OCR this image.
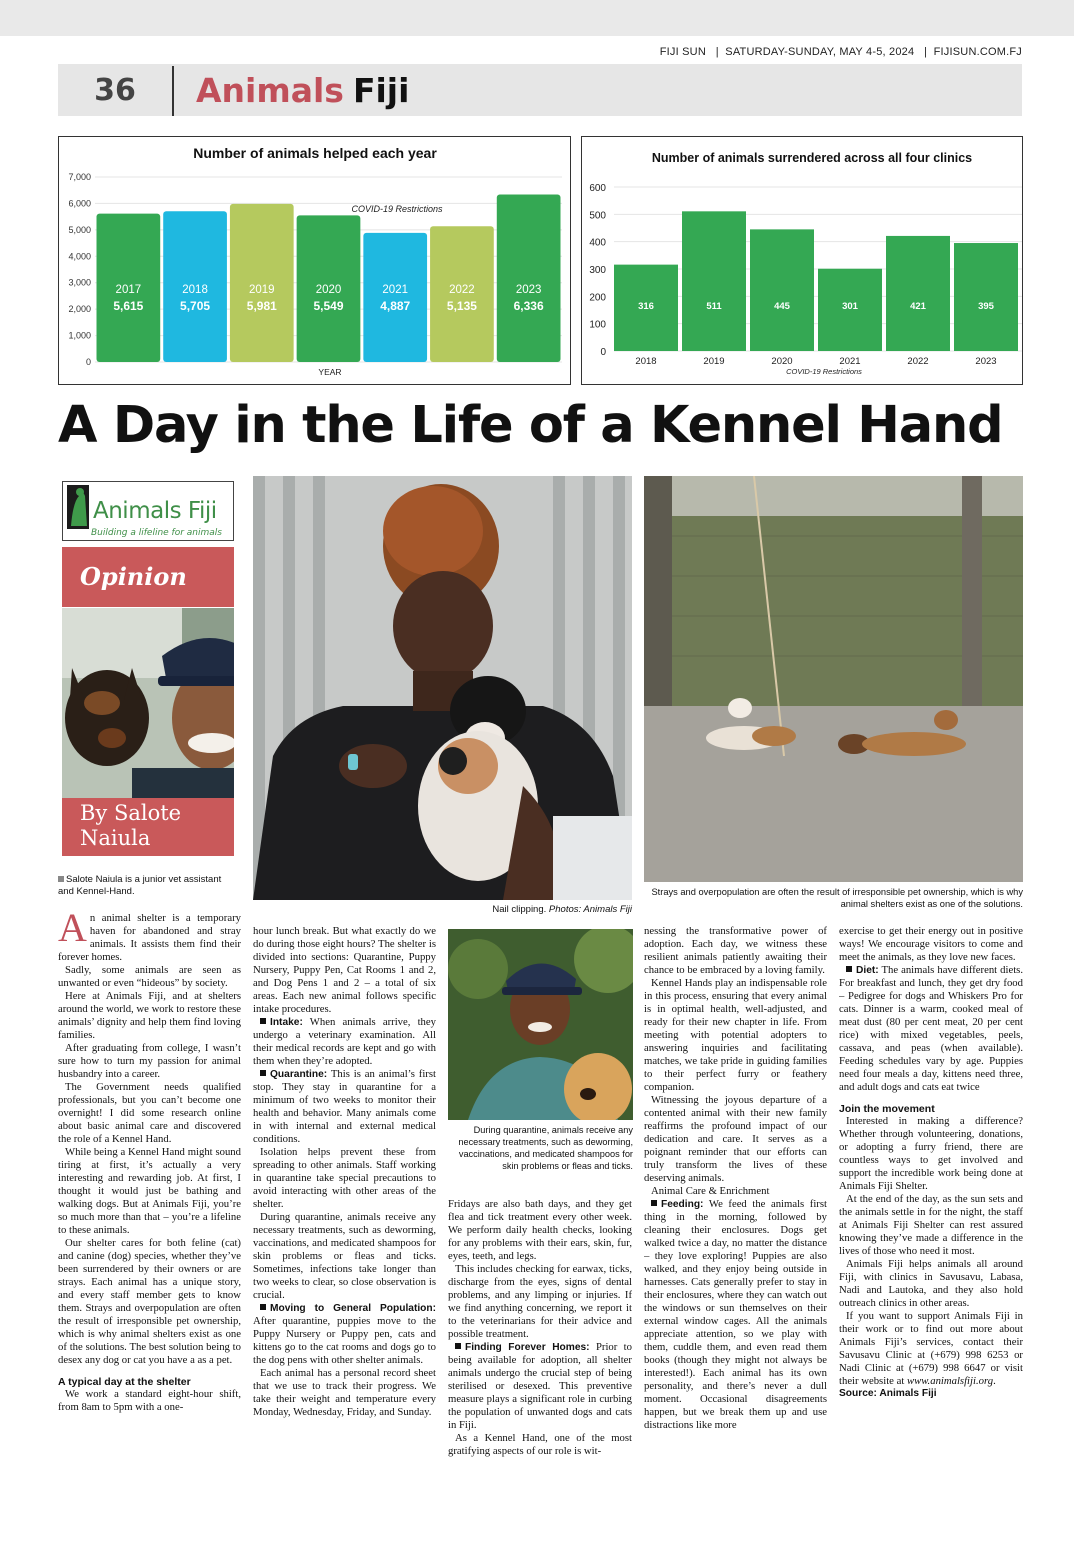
FIJI SUN   |  SATURDAY-SUNDAY, MAY 4-5, 2024   |  FIJISUN.COM.FJ
36	Animals Fiji
Number of animals helped each year
0
1,000
2,000
3,000
4,000
5,000
6,000
7,000
2017
5,615
2018
5,705
2019
5,981
2020
5,549
2021
4,887
2022
5,135
2023
6,336
COVID-19 Restrictions
YEAR
Number of animals surrendered across all four clinics
0
100
200
300
400
500
600
316
2018
511
2019
445
2020
301
2021
421
2022
395
2023
COVID-19 Restrictions
A Day in the Life of a Kennel Hand
Animals Fiji
Building a lifeline for animals
Opinion
By Salote
Naiula
Salote Naiula is a junior vet assistant and Kennel-Hand.
Nail clipping. Photos: Animals Fiji
Strays and overpopulation are often the result of irresponsible pet ownership, which is why animal shelters exist as one of the solutions.
During quarantine, animals receive any necessary treatments, such as deworming, vaccinations, and medicated shampoos for skin problems or fleas and ticks.

An animal shelter is a temporary haven for abandoned and stray animals. It assists them find their forever homes.

Sadly, some animals are seen as unwanted or even “hideous” by society.

Here at Animals Fiji, and at shelters around the world, we work to restore these animals’ dignity and help them find loving families.

After graduating from college, I wasn’t sure how to turn my passion for animal husbandry into a career.

The Government needs qualified professionals, but you can’t become one overnight! I did some research online about basic animal care and discovered the role of a Kennel Hand.

While being a Kennel Hand might sound tiring at first, it’s actually a very interesting and rewarding job. At first, I thought it would just be bathing and walking dogs. But at Animals Fiji, you’re so much more than that – you’re a lifeline to these animals.

Our shelter cares for both feline (cat) and canine (dog) species, whether they’ve been surrendered by their owners or are strays. Each animal has a unique story, and every staff member gets to know them. Strays and overpopulation are often the result of irresponsible pet ownership, which is why animal shelters exist as one of the solutions. The best solution being to desex any dog or cat you have a as a pet.

A typical day at the shelter

We work a standard eight-hour shift, from 8am to 5pm with a one-

hour lunch break. But what exactly do we do during those eight hours? The shelter is divided into sections: Quarantine, Puppy Nursery, Puppy Pen, Cat Rooms 1 and 2, and Dog Pens 1 and 2 – a total of six areas. Each new animal follows specific intake procedures.

Intake: When animals arrive, they undergo a veterinary examination. All their medical records are kept and go with them when they’re adopted.

Quarantine: This is an animal’s first stop. They stay in quarantine for a minimum of two weeks to monitor their health and behavior. Many animals come in with internal and external medical conditions.

Isolation helps prevent these from spreading to other animals. Staff working in quarantine take special precautions to avoid interacting with other areas of the shelter.

During quarantine, animals receive any necessary treatments, such as deworming, vaccinations, and medicated shampoos for skin problems or fleas and ticks. Sometimes, infections take longer than two weeks to clear, so close observation is crucial.

Moving to General Population: After quarantine, puppies move to the Puppy Nursery or Puppy pen, cats and kittens go to the cat rooms and dogs go to the dog pens with other shelter animals.

Each animal has a personal record sheet that we use to track their progress. We take their weight and temperature every Monday, Wednesday, Friday, and Sunday.

Fridays are also bath days, and they get flea and tick treatment every other week. We perform daily health checks, looking for any problems with their ears, skin, fur, eyes, teeth, and legs.

This includes checking for earwax, ticks, discharge from the eyes, signs of dental problems, and any limping or injuries. If we find anything concerning, we report it to the veterinarians for their advice and possible treatment.

Finding Forever Homes: Prior to being available for adoption, all shelter animals undergo the crucial step of being sterilised or desexed. This preventive measure plays a significant role in curbing the population of unwanted dogs and cats in Fiji.

As a Kennel Hand, one of the most gratifying aspects of our role is wit-

nessing the transformative power of adoption. Each day, we witness these resilient animals patiently awaiting their chance to be embraced by a loving family.

Kennel Hands play an indispensable role in this process, ensuring that every animal is in optimal health, well-adjusted, and ready for their new chapter in life. From meeting with potential adopters to answering inquiries and facilitating matches, we take pride in guiding families to their perfect furry or feathery companion.

Witnessing the joyous departure of a contented animal with their new family reaffirms the profound impact of our dedication and care. It serves as a poignant reminder that our efforts can truly transform the lives of these deserving animals.

Animal Care & Enrichment

Feeding: We feed the animals first thing in the morning, followed by cleaning their enclosures. Dogs get walked twice a day, no matter the distance – they love exploring! Puppies are also walked, and they enjoy being outside in harnesses. Cats generally prefer to stay in their enclosures, where they can watch out the windows or sun themselves on their external window cages. All the animals appreciate attention, so we play with them, cuddle them, and even read them books (though they might not always be interested!). Each animal has its own personality, and there’s never a dull moment. Occasional disagreements happen, but we break them up and use distractions like more

exercise to get their energy out in positive ways! We encourage visitors to come and meet the animals, as they love new faces.

Diet: The animals have different diets. For breakfast and lunch, they get dry food – Pedigree for dogs and Whiskers Pro for cats. Dinner is a warm, cooked meal of meat dust (80 per cent meat, 20 per cent rice) with mixed vegetables, peels, cassava, and peas (when available). Feeding schedules vary by age. Puppies need four meals a day, kittens need three, and adult dogs and cats eat twice

Join the movement

Interested in making a difference? Whether through volunteering, donations, or adopting a furry friend, there are countless ways to get involved and support the incredible work being done at Animals Fiji Shelter.

At the end of the day, as the sun sets and the animals settle in for the night, the staff at Animals Fiji Shelter can rest assured knowing they’ve made a difference in the lives of those who need it most.

Animals Fiji helps animals all around Fiji, with clinics in Savusavu, Labasa, Nadi and Lautoka, and they also hold outreach clinics in other areas.

If you want to support Animals Fiji in their work or to find out more about Animals Fiji’s services, contact their Savusavu Clinic at (+679) 998 6253 or Nadi Clinic at (+679) 998 6647 or visit their website at www.animalsfiji.org.

Source: Animals Fiji
